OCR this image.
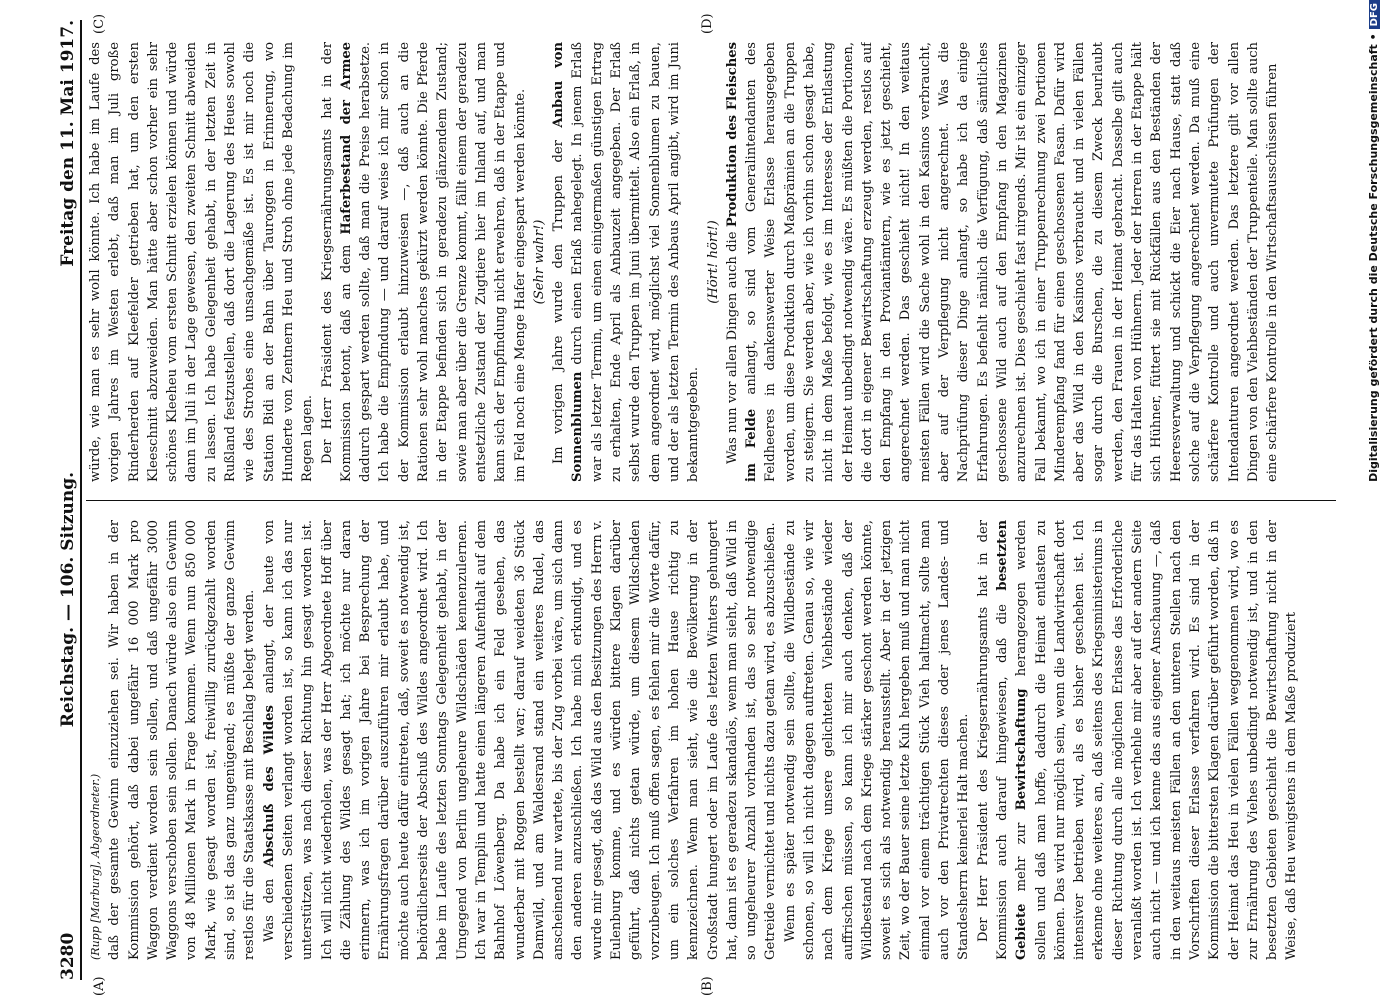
3280
Reichstag. — 106. Sitzung.
Freitag den 11. Mai 1917.
(A)	(B)
(C)	(D)

(Rupp [Marburg], Abgeordneter.) daß der gesamte Gewinn einzuziehen sei. Wir haben in der Kommission gehört, daß dabei ungefähr 16 000 Mark pro Waggon verdient worden sein sollen, und daß ungefähr 3000 Waggons verschoben sein sollen. Danach würde also ein Gewinn von 48 Millionen Mark in Frage kommen. Wenn nun 850 000 Mark, wie gesagt worden ist, freiwillig zurückgezahlt worden sind, so ist das ganz ungenügend; es müßte der ganze Gewinn restlos für die Staatskasse mit Beschlag belegt werden. Was den Abschuß des Wildes anlangt, der heute von verschiedenen Seiten verlangt worden ist, so kann ich das nur unterstützen, was nach dieser Richtung hin gesagt worden ist. Ich will nicht wiederholen, was der Herr Abgeordnete Hoff über die Zählung des Wildes gesagt hat; ich möchte nur daran erinnern, was ich im vorigen Jahre bei Besprechung der Ernährungsfragen darüber auszuführen mir erlaubt habe, und möchte auch heute dafür eintreten, daß, soweit es notwendig ist, behördlicherseits der Abschuß des Wildes angeordnet wird. Ich habe im Laufe des letzten Sonntags Gelegenheit gehabt, in der Umgegend von Berlin ungeheure Wildschäden kennenzulernen. Ich war in Templin und hatte einen längeren Aufenthalt auf dem Bahnhof Löwenberg. Da habe ich ein Feld gesehen, das wunderbar mit Roggen bestellt war; darauf weideten 36 Stück Damwild, und am Waldesrand stand ein weiteres Rudel, das anscheinend nur wartete, bis der Zug vorbei wäre, um sich dann den anderen anzuschließen. Ich habe mich erkundigt, und es wurde mir gesagt, daß das Wild aus den Besitzungen des Herrn v. Eulenburg komme, und es würden bittere Klagen darüber geführt, daß nichts getan würde, um diesem Wildschaden vorzubeugen. Ich muß offen sagen, es fehlen mir die Worte dafür, um ein solches Verfahren im hohen Hause richtig zu kennzeichnen. Wenn man sieht, wie die Bevölkerung in der Großstadt hungert oder im Laufe des letzten Winters gehungert hat, dann ist es geradezu skandalös, wenn man sieht, daß Wild in so ungeheurer Anzahl vorhanden ist, das so sehr notwendige Getreide vernichtet und nichts dazu getan wird, es abzuschießen. Wenn es später notwendig sein sollte, die Wildbestände zu schonen, so will ich nicht dagegen auftreten. Genau so, wie wir nach dem Kriege unsere gelichteten Viehbestände wieder auffrischen müssen, so kann ich mir auch denken, daß der Wildbestand nach dem Kriege stärker geschont werden könnte, soweit es sich als notwendig herausstellt. Aber in der jetzigen Zeit, wo der Bauer seine letzte Kuh hergeben muß und man nicht einmal vor einem trächtigen Stück Vieh haltmacht, sollte man auch vor den Privatrechten dieses oder jenes Landes- und Standesherrn keinerlei Halt machen. Der Herr Präsident des Kriegsernährungsamts hat in der Kommission auch darauf hingewiesen, daß die besetzten Gebiete mehr zur Bewirtschaftung herangezogen werden sollen und daß man hoffe, dadurch die Heimat entlasten zu können. Das wird nur möglich sein, wenn die Landwirtschaft dort intensiver betrieben wird, als es bisher geschehen ist. Ich erkenne ohne weiteres an, daß seitens des Kriegsministeriums in dieser Richtung durch alle möglichen Erlasse das Erforderliche veranlaßt worden ist. Ich verhehle mir aber auf der andern Seite auch nicht — und ich kenne das aus eigener Anschauung —, daß in den weitaus meisten Fällen an den unteren Stellen nach den Vorschriften dieser Erlasse verfahren wird. Es sind in der Kommission die bittersten Klagen darüber geführt worden, daß in der Heimat das Heu in vielen Fällen weggenommen wird, wo es zur Ernährung des Viehes unbedingt notwendig ist, und in den besetzten Gebieten geschieht die Bewirtschaftung nicht in der Weise, daß Heu wenigstens in dem Maße produziert

würde, wie man es sehr wohl könnte. Ich habe im Laufe des vorigen Jahres im Westen erlebt, daß man im Juli große Rinderherden auf Kleefelder getrieben hat, um den ersten Kleeschnitt abzuweiden. Man hätte aber schon vorher ein sehr schönes Kleeheu vom ersten Schnitt erzielen können und würde dann im Juli in der Lage gewesen, den zweiten Schnitt abweiden zu lassen. Ich habe Gelegenheit gehabt, in der letzten Zeit in Rußland festzustellen, daß dort die Lagerung des Heues sowohl wie des Strohes eine unsachgemäße ist. Es ist mir noch die Station Bidi an der Bahn über Tauroggen in Erinnerung, wo Hunderte von Zentnern Heu und Stroh ohne jede Bedachung im Regen lagen. Der Herr Präsident des Kriegsernährungsamts hat in der Kommission betont, daß an dem Haferbestand der Armee dadurch gespart werden sollte, daß man die Preise herabsetze. Ich habe die Empfindung — und darauf weise ich mir schon in der Kommission erlaubt hinzuweisen —, daß auch an die Rationen sehr wohl manches gekürzt werden könnte. Die Pferde in der Etappe befinden sich in geradezu glänzendem Zustand; sowie man aber über die Grenze kommt, fällt einem der geradezu entsetzliche Zustand der Zugtiere hier im Inland auf, und man kann sich der Empfindung nicht erwehren, daß in der Etappe und im Feld noch eine Menge Hafer eingespart werden könnte. (Sehr wahr!) Im vorigen Jahre wurde den Truppen der Anbau von Sonnenblumen durch einen Erlaß nahegelegt. In jenem Erlaß war als letzter Termin, um einen einigermaßen günstigen Ertrag zu erhalten, Ende April als Anbauzeit angegeben. Der Erlaß selbst wurde den Truppen im Juni übermittelt. Also ein Erlaß, in dem angeordnet wird, möglichst viel Sonnenblumen zu bauen, und der als letzten Termin des Anbaus April angibt, wird im Juni bekanntgegeben.

(Hört! hört!) Was nun vor allen Dingen auch die Produktion des Fleisches im Felde anlangt, so sind vom Generalintendanten des Feldheeres in dankenswerter Weise Erlasse herausgegeben worden, um diese Produktion durch Maßprämien an die Truppen zu steigern. Sie werden aber, wie ich vorhin schon gesagt habe, nicht in dem Maße befolgt, wie es im Interesse der Entlastung der Heimat unbedingt notwendig wäre. Es müßten die Portionen, die dort in eigener Bewirtschaftung erzeugt werden, restlos auf den Empfang in den Proviantämtern, wie es jetzt geschieht, angerechnet werden. Das geschieht nicht! In den weitaus meisten Fällen wird die Sache wohl in den Kasinos verbraucht, aber auf der Verpflegung nicht angerechnet. Was die Nachprüfung dieser Dinge anlangt, so habe ich da einige Erfahrungen. Es befiehlt nämlich die Verfügung, daß sämtliches geschossene Wild auch auf den Empfang in den Magazinen anzurechnen ist. Dies geschieht fast nirgends. Mir ist ein einziger Fall bekannt, wo ich in einer Truppenrechnung zwei Portionen Minderempfang fand für einen geschossenen Fasan. Dafür wird aber das Wild in den Kasinos verbraucht und in vielen Fällen sogar durch die Burschen, die zu diesem Zweck beurlaubt werden, den Frauen in der Heimat gebracht. Dasselbe gilt auch für das Halten von Hühnern. Jeder der Herren in der Etappe hält sich Hühner, füttert sie mit Rückfällen aus den Beständen der Heeresverwaltung und schickt die Eier nach Hause, statt daß solche auf die Verpflegung angerechnet werden. Da muß eine schärfere Kontrolle und auch unvermutete Prüfungen der Intendanturen angeordnet werden. Das letztere gilt vor allen Dingen von den Viehbeständen der Truppenteile. Man sollte auch eine schärfere Kontrolle in den Wirtschaftsausschüssen führen	Digitalisierung gefördert durch die Deutsche Forschungsgemeinschaft •DFG
